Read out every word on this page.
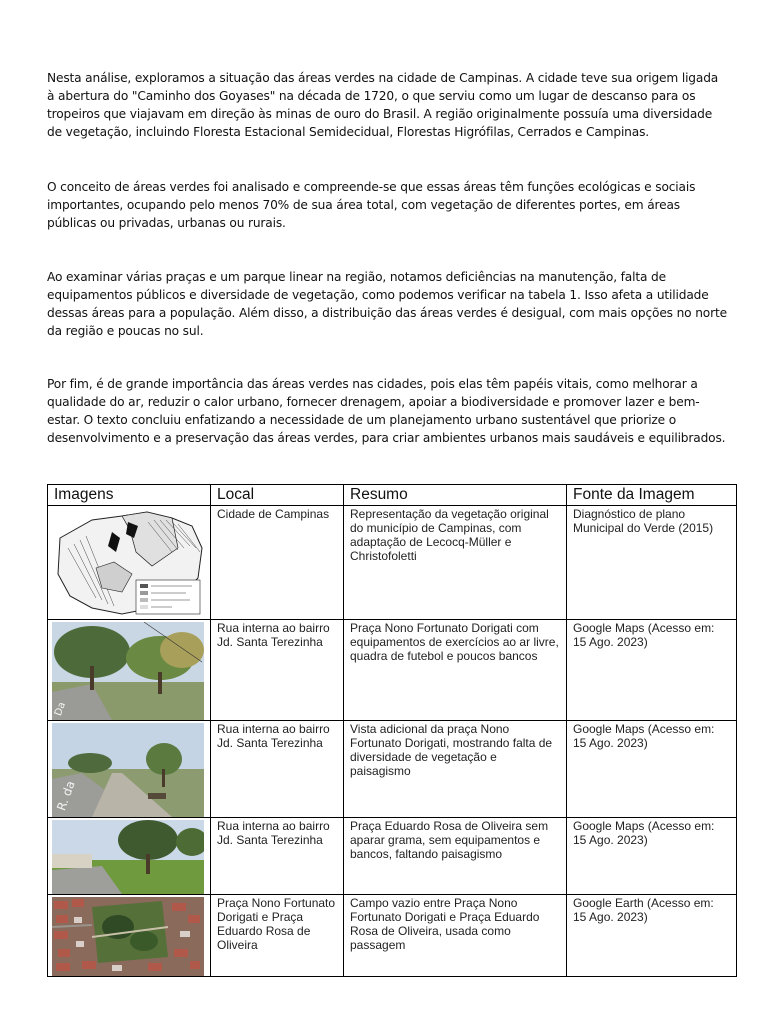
Nesta análise, exploramos a situação das áreas verdes na cidade de Campinas. A cidade teve sua origem ligada à abertura do "Caminho dos Goyases" na década de 1720, o que serviu como um lugar de descanso para os tropeiros que viajavam em direção às minas de ouro do Brasil. A região originalmente possuía uma diversidade de vegetação, incluindo Floresta Estacional Semidecidual, Florestas Higrófilas, Cerrados e Campinas.

O conceito de áreas verdes foi analisado e compreende-se que essas áreas têm funções ecológicas e sociais importantes, ocupando pelo menos 70% de sua área total, com vegetação de diferentes portes, em áreas públicas ou privadas, urbanas ou rurais.

Ao examinar várias praças e um parque linear na região, notamos deficiências na manutenção, falta de equipamentos públicos e diversidade de vegetação, como podemos verificar na tabela 1. Isso afeta a utilidade dessas áreas para a população. Além disso, a distribuição das áreas verdes é desigual, com mais opções no norte da região e poucas no sul.

Por fim, é de grande importância das áreas verdes nas cidades, pois elas têm papéis vitais, como melhorar a qualidade do ar, reduzir o calor urbano, fornecer drenagem, apoiar a biodiversidade e promover lazer e bem-estar. O texto concluiu enfatizando a necessidade de um planejamento urbano sustentável que priorize o desenvolvimento e a preservação das áreas verdes, para criar ambientes urbanos mais saudáveis e equilibrados.

Imagens	Local	Resumo	Fonte da Imagem

	Cidade de Campinas	Representação da vegetação original do município de Campinas, com adaptação de Lecocq-Müller e Christofoletti	Diagnóstico de plano Municipal do Verde (2015)

Da	Rua interna ao bairro Jd. Santa Terezinha	Praça Nono Fortunato Dorigati com equipamentos de exercícios ao ar livre, quadra de futebol e poucos bancos	Google Maps (Acesso em: 15 Ago. 2023)

R. da	Rua interna ao bairro Jd. Santa Terezinha	Vista adicional da praça Nono Fortunato Dorigati, mostrando falta de diversidade de vegetação e paisagismo	Google Maps (Acesso em: 15 Ago. 2023)

	Rua interna ao bairro Jd. Santa Terezinha	Praça Eduardo Rosa de Oliveira sem aparar grama, sem equipamentos e bancos, faltando paisagismo	Google Maps (Acesso em: 15 Ago. 2023)

	Praça Nono Fortunato Dorigati e Praça Eduardo Rosa de Oliveira	Campo vazio entre Praça Nono Fortunato Dorigati e Praça Eduardo Rosa de Oliveira, usada como passagem	Google Earth (Acesso em: 15 Ago. 2023)
